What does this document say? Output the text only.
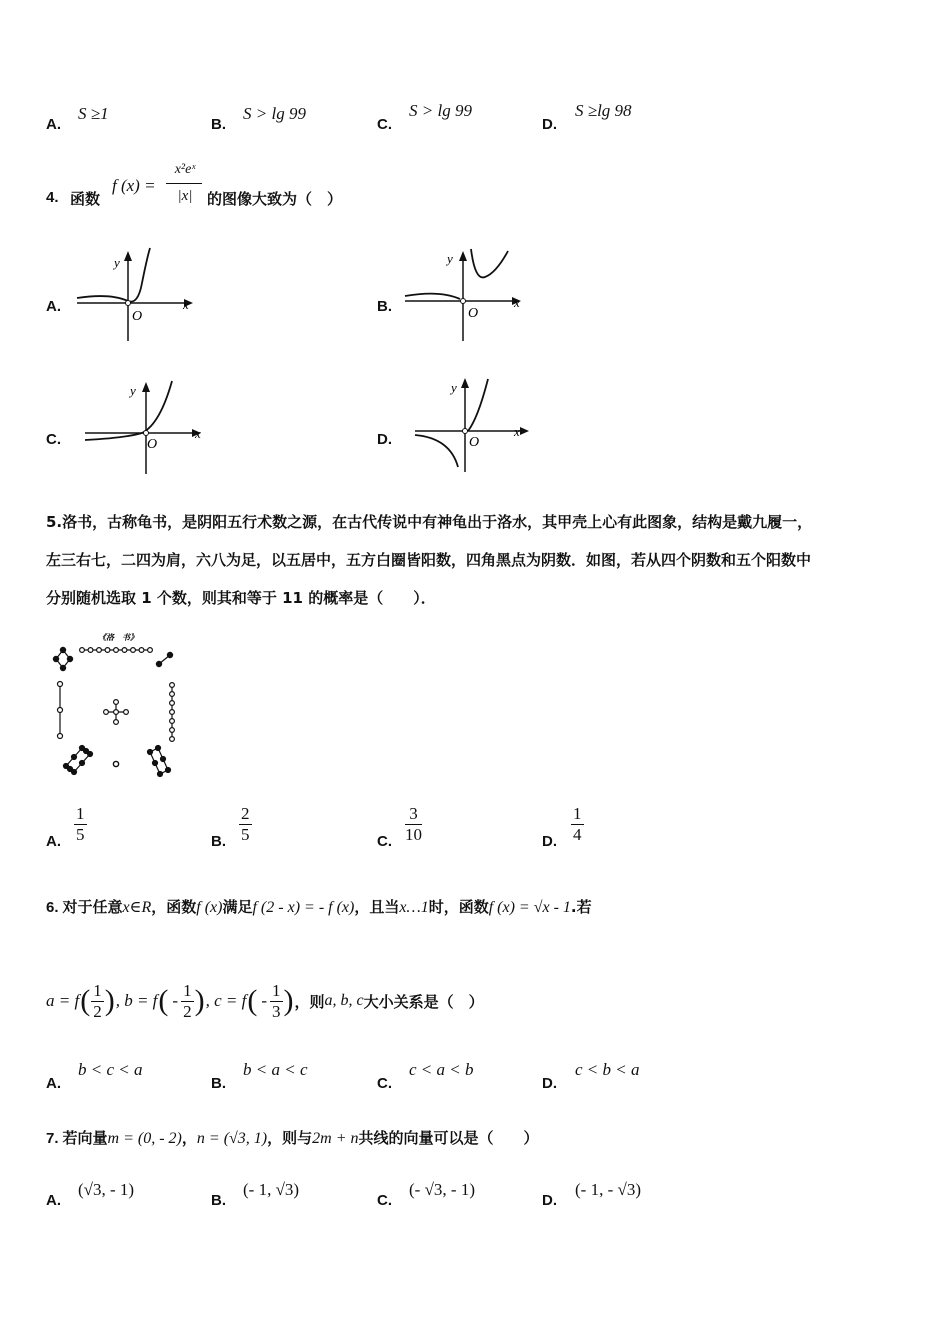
A.
S ≥1
B.
S > lg 99
C.
S > lg 99
D.
S ≥lg 98
4. 函数
f (x) =
x²eˣ
|x| 的图像大致为（　）
A.
y
x
O
B.
y
x
O
C.
y
x
O	D.
y
x
O
5.洛书，古称龟书，是阴阳五行术数之源，在古代传说中有神龟出于洛水，其甲壳上心有此图象，结构是戴九履一，
左三右七，二四为肩，六八为足，以五居中，五方白圈皆阳数，四角黑点为阴数．如图，若从四个阴数和五个阳数中
分别随机选取 1 个数，则其和等于 11 的概率是（　　）．
《洛　书》
A. $\frac{1}{5}$	B. $\frac{2}{5}$	C. $\frac{3}{10}$	D. $\frac{1}{4}$
6. 对于任意x∈R，函数f (x)满足f (2 - x) = - f (x)，且当x…1时，函数f (x) = √x - 1.若
a = f ( $\frac{1}{2}$ ) , b = f ( - $\frac{1}{2}$ ) , c = f ( - $\frac{1}{3}$ ) ，则 a, b, c 大小关系是（　）
A.
b < c < a
B.
b < a < c
C.
c < a < b
D.
c < b < a
7. 若向量m = (0, - 2)，n = (√3, 1)，则与2m + n共线的向量可以是（　　）
A.
(√3, - 1)
B.
(- 1, √3)
C.
(- √3, - 1)
D.
(- 1, - √3)
